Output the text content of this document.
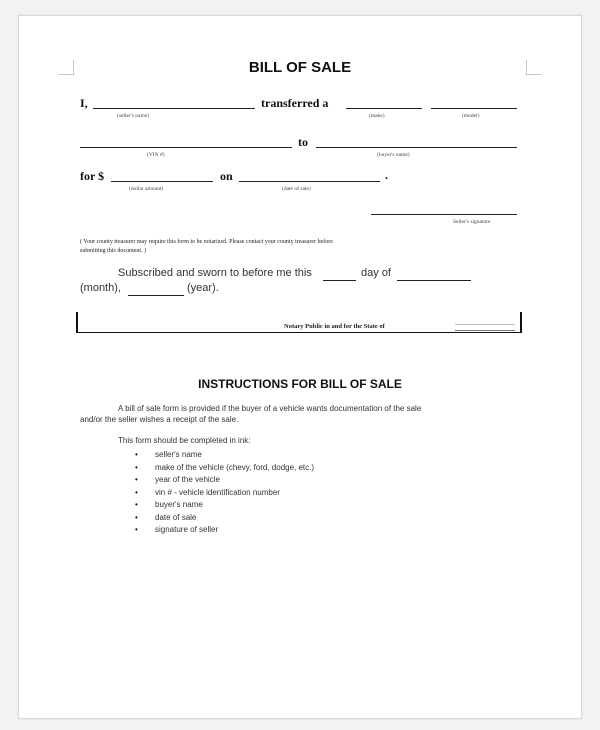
BILL OF SALE
I,	transferred a
(seller's name)	(make)	(model)
to
(VIN #)	(buyer's name)
for $	on	.
(dollar amount)	(date of sale)
Seller's signature
( Your county treasurer may require this form to be notarized. Please contact your county treasurer before
submitting this document. )
Subscribed and sworn to before me this	day of
(month),	(year).
Notary Public in and for the State of
INSTRUCTIONS FOR BILL OF SALE
A bill of sale form is provided if the buyer of a vehicle wants documentation of the sale
and/or the seller wishes a receipt of the sale.
This form should be completed in ink:
• seller's name
• make of the vehicle (chevy, ford, dodge, etc.)
• year of the vehicle
• vin # - vehicle identification number
• buyer's name
• date of sale
• signature of seller
